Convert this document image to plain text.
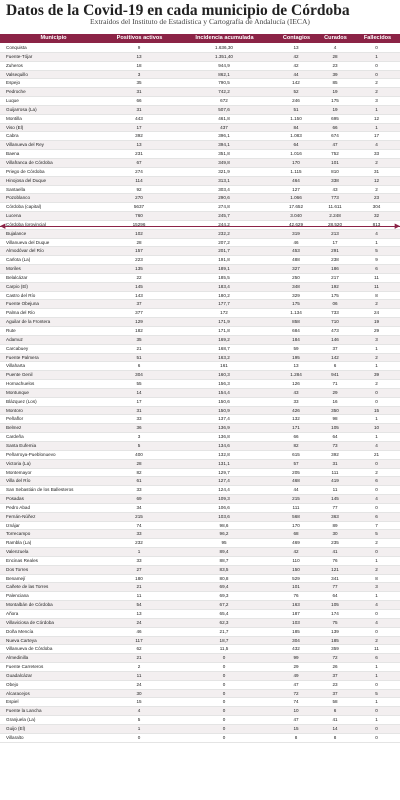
Datos de la Covid-19 en cada municipio de Córdoba
Extraídos del Instituto de Estadística y Cartografía de Andalucía (IECA)
Municipio	Positivos activos	Incidencia acumulada	Contagios	Curados	Fallecidos
Conquista	9	1.636,30	13	4	0
Fuente-Tójar	13	1.351,40	42	28	1
Zuheros	18	944,9	42	23	0
Valsequillo	3	862,1	44	39	0
Espejo	35	790,5	142	85	2
Pedroche	31	742,2	52	19	2
Luque	66	672	246	175	3
Guijarrosa (La)	31	507,6	51	19	1
Montilla	443	461,8	1.150	695	12
Viso (El)	17	437	84	66	1
Cabra	392	396,1	1.083	674	17
Villanueva del Rey	13	394,1	64	47	4
Baena	231	351,8	1.016	752	33
Villafranca de Córdoba	67	349,8	170	101	2
Priego de Córdoba	274	321,9	1.115	810	31
Hinojosa del Duque	114	313,1	464	338	12
Santaella	92	303,4	127	43	2
Pozoblanco	270	290,6	1.066	773	23
Córdoba (capital)	5637	274,8	17.652	11.611	304
Lucena	760	245,7	3.040	2.248	32
Córdoba (provincia)	15296	244,2	42.629	28.520	813
Bujalance	102	232,2	319	213	4
Villanueva del Duque	28	207,2	46	17	1
Almodóvar del Río	157	201,7	453	291	5
Carlota (La)	223	191,8	488	238	9
Moriles	135	189,1	327	186	6
Belalcázar	22	185,5	250	217	11
Carpio (El)	145	183,4	348	192	11
Castro del Río	143	180,2	329	175	8
Fuente Obejuna	37	177,7	175	06	2
Palma del Río	377	172	1.134	733	24
Aguilar de la Frontera	129	171,9	858	710	19
Rute	182	171,8	684	473	29
Adamuz	35	169,2	184	146	3
Carcabuey	21	168,7	59	37	1
Fuente Palmera	51	163,2	195	142	2
Villaharta	6	161	13	6	1
Puente Genil	304	160,3	1.284	941	39
Hornachuelos	55	156,3	126	71	2
Montunque	14	154,4	43	29	0
Blázquez (Los)	17	150,6	33	16	0
Montoro	31	150,9	426	350	15
Peñaflor	33	137,4	132	98	1
Belmez	36	136,9	171	105	10
Cardeña	3	136,8	66	64	1
Santa Eufemia	5	134,6	82	73	4
Peñarroya-Pueblonuevo	400	132,8	615	392	21
Victoria (La)	28	131,1	57	31	0
Montemayor	82	129,7	205	111	2
Villa del Río	61	127,4	468	419	6
San Sebastián de los Ballesteros	33	124,4	44	11	0
Posadas	69	109,3	215	145	4
Pedro Abad	34	106,6	111	77	0
Fernán-Núñez	215	103,6	568	363	6
Iznájar	74	98,6	170	89	7
Torrecampo	33	96,2	68	30	5
Rambla (La)	232	95	469	235	2
Valenzuela	1	89,4	42	41	0
Encinas Reales	33	88,7	110	76	1
Dos Torres	27	83,5	150	121	2
Benamejí	180	80,8	529	341	8
Cañete de las Torres	21	69,4	101	77	3
Palenciana	11	69,3	76	64	1
Montalbán de Córdoba	54	67,2	163	105	4
Añora	13	65,4	187	174	0
Villaviciosa de Córdoba	24	62,3	103	75	4
Doña Mencía	46	21,7	185	139	0
Nueva Carteya	117	18,7	304	185	2
Villanueva de Córdoba	62	11,5	432	359	11
Almedinilla	21	0	99	72	6
Fuente Carreteros	2	0	29	26	1
Guadalcázar	11	0	49	37	1
Obejo	24	0	47	23	0
Alcaracejos	30	0	72	37	5
Espiel	15	0	74	58	1
Fuente la Lancha	4	0	10	6	0
Granjuela (La)	5	0	47	41	1
Guijo (El)	1	0	15	14	0
Villaralto	0	0	8	8	0
◀	▶
